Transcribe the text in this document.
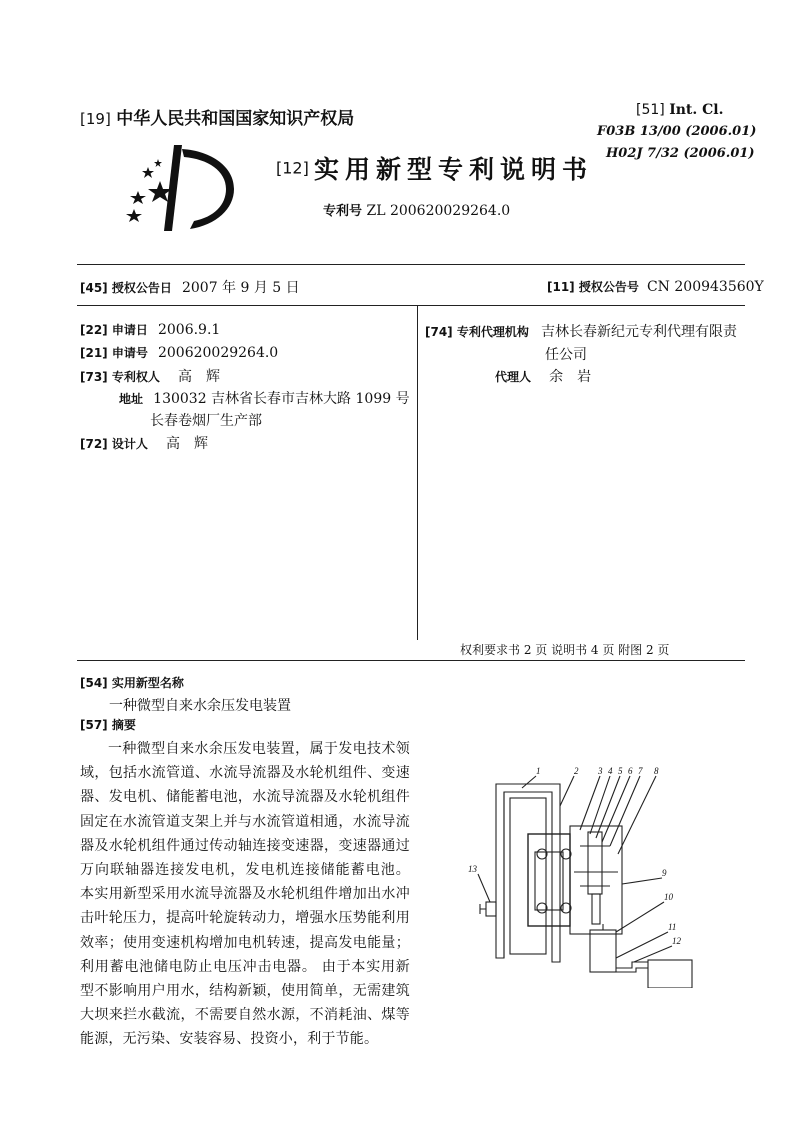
[19] 中华人民共和国国家知识产权局
[12] 实用新型专利说明书
专利号 ZL 200620029264.0
[51] Int. Cl.
F03B 13/00 (2006.01)
H02J 7/32 (2006.01)
[45] 授权公告日 2007 年 9 月 5 日	[11] 授权公告号 CN 200943560Y
[22] 申请日 2006.9.1
[21] 申请号 200620029264.0
[73] 专利权人 高　辉
地址 130032 吉林省长春市吉林大路 1099 号
长春卷烟厂生产部
[72] 设计人 高　辉
[74] 专利代理机构 吉林长春新纪元专利代理有限责
任公司
代理人 余　岩
权利要求书 2 页 说明书 4 页 附图 2 页
[54] 实用新型名称
一种微型自来水余压发电装置
[57] 摘要

一种微型自来水余压发电装置，属于发电技术领域，包括水流管道、水流导流器及水轮机组件、变速器、发电机、储能蓄电池，水流导流器及水轮机组件固定在水流管道支架上并与水流管道相通，水流导流器及水轮机组件通过传动轴连接变速器，变速器通过万向联轴器连接发电机，发电机连接储能蓄电池。 本实用新型采用水流导流器及水轮机组件增加出水冲击叶轮压力，提高叶轮旋转动力，增强水压势能利用效率；使用变速机构增加电机转速，提高发电能量；利用蓄电池储电防止电压冲击电器。 由于本实用新型不影响用户用水，结构新颖，使用简单，无需建筑大坝来拦水截流，不需要自然水源，不消耗油、煤等能源，无污染、安装容易、投资小，利于节能。

1	2 3 4 5 6 7 8
9
10
11
12
13
